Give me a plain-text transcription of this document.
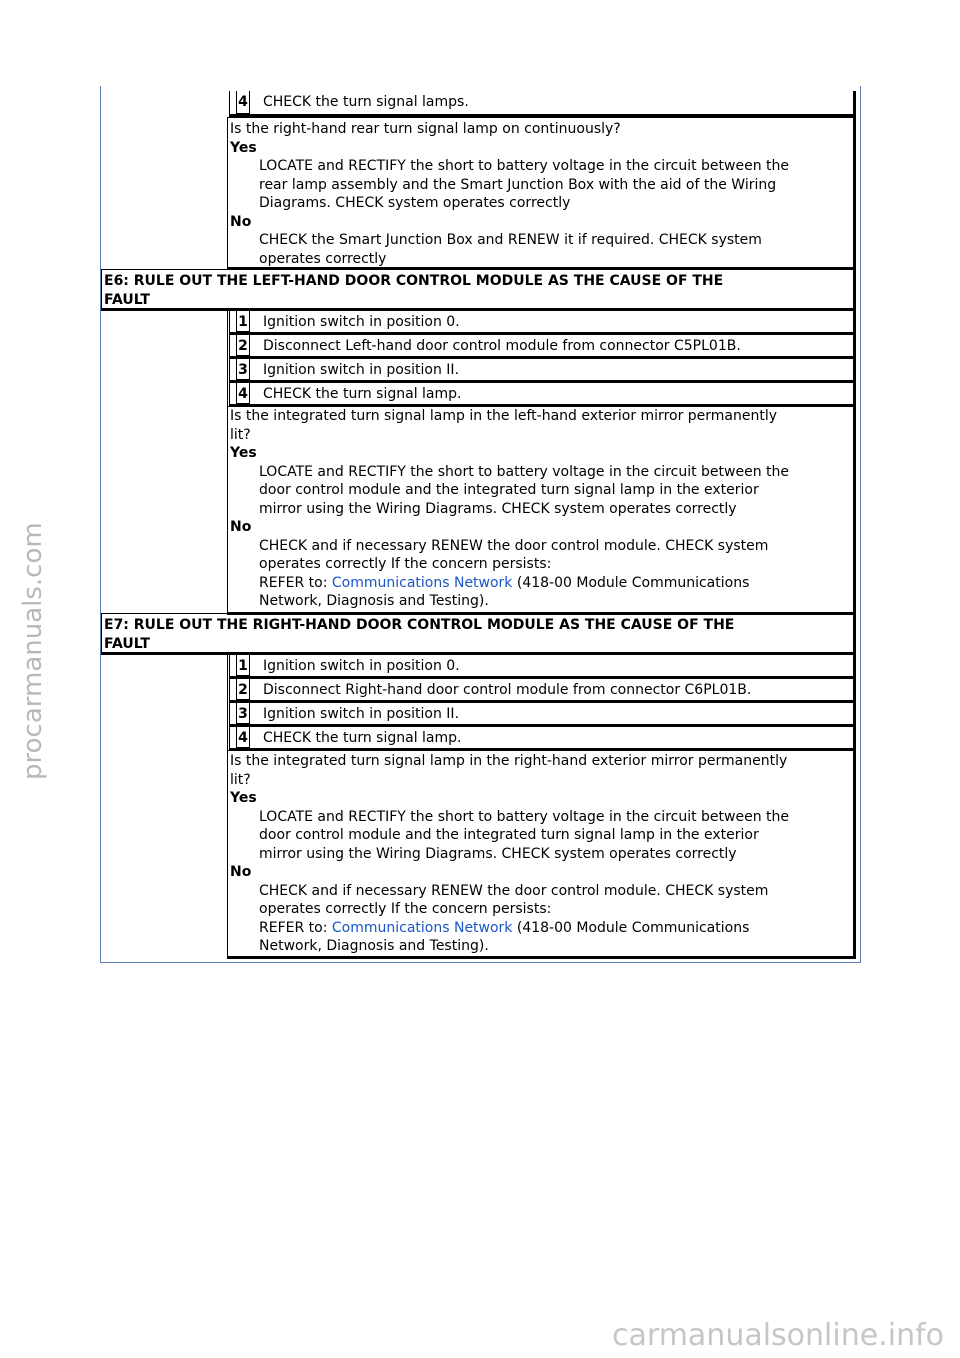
4 CHECK the turn signal lamps.
Is the right-hand rear turn signal lamp on continuously?
Yes
LOCATE and RECTIFY the short to battery voltage in the circuit between the
rear lamp assembly and the Smart Junction Box with the aid of the Wiring
Diagrams. CHECK system operates correctly
No
CHECK the Smart Junction Box and RENEW it if required. CHECK system
operates correctly
E6: RULE OUT THE LEFT-HAND DOOR CONTROL MODULE AS THE CAUSE OF THE
FAULT
1 Ignition switch in position 0.
2 Disconnect Left-hand door control module from connector C5PL01B.
3 Ignition switch in position II.
4 CHECK the turn signal lamp.
Is the integrated turn signal lamp in the left-hand exterior mirror permanently
lit?
Yes
LOCATE and RECTIFY the short to battery voltage in the circuit between the
door control module and the integrated turn signal lamp in the exterior
mirror using the Wiring Diagrams. CHECK system operates correctly
No
CHECK and if necessary RENEW the door control module. CHECK system
operates correctly If the concern persists:
REFER to: Communications Network (418-00 Module Communications
Network, Diagnosis and Testing).
E7: RULE OUT THE RIGHT-HAND DOOR CONTROL MODULE AS THE CAUSE OF THE
FAULT
1 Ignition switch in position 0.
2 Disconnect Right-hand door control module from connector C6PL01B.
3 Ignition switch in position II.
4 CHECK the turn signal lamp.
Is the integrated turn signal lamp in the right-hand exterior mirror permanently
lit?
Yes
LOCATE and RECTIFY the short to battery voltage in the circuit between the
door control module and the integrated turn signal lamp in the exterior
mirror using the Wiring Diagrams. CHECK system operates correctly
No
CHECK and if necessary RENEW the door control module. CHECK system
operates correctly If the concern persists:
REFER to: Communications Network (418-00 Module Communications
Network, Diagnosis and Testing).
procarmanuals.com
carmanualsonline.info
